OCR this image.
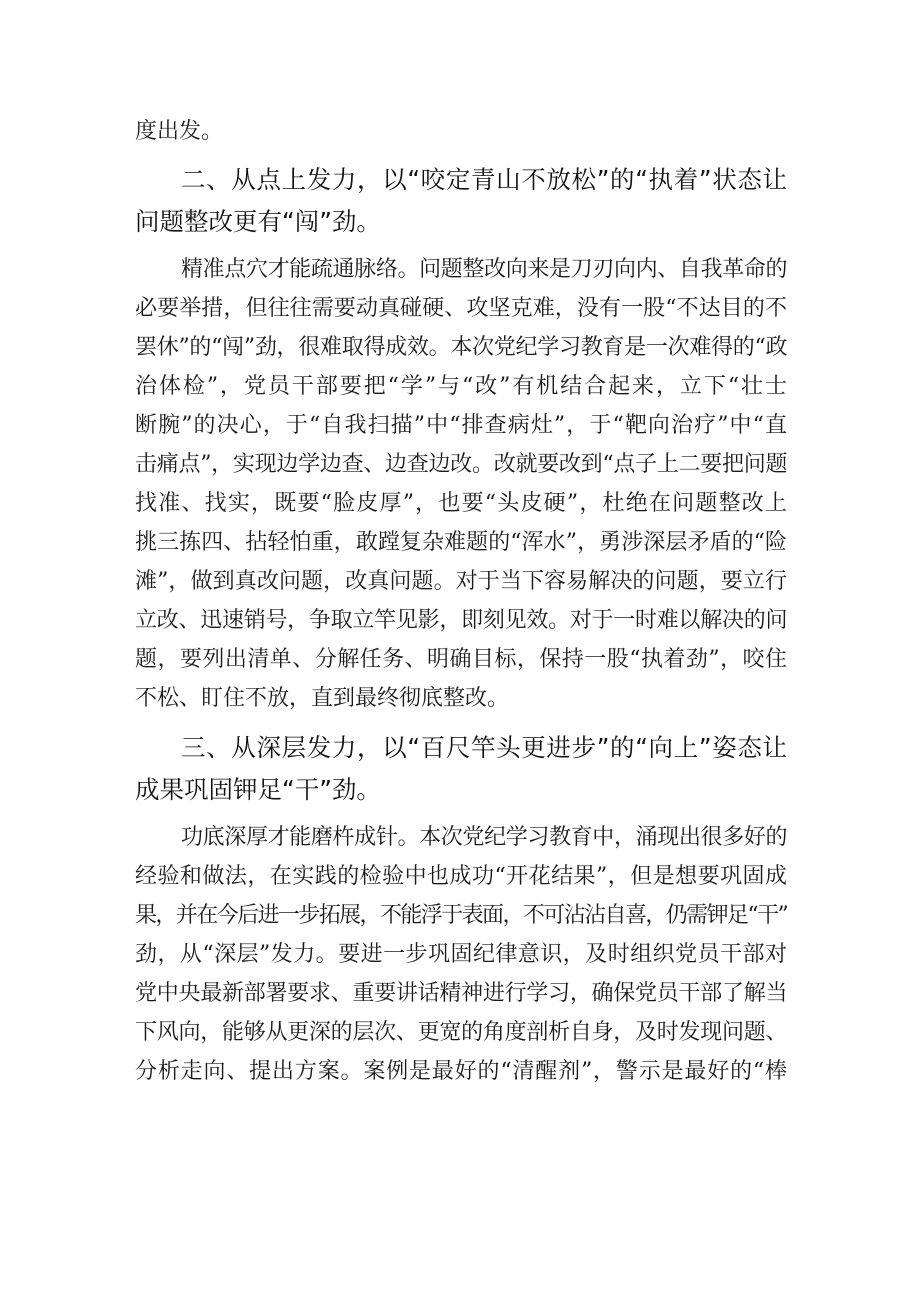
度出发。
二、从点上发力，以“咬定青山不放松”的“执着”状态让
问题整改更有“闯”劲。
精准点穴才能疏通脉络。问题整改向来是刀刃向内、自我革命的
必要举措，但往往需要动真碰硬、攻坚克难，没有一股“不达目的不
罢休”的“闯”劲，很难取得成效。本次党纪学习教育是一次难得的“政
治体检”，党员干部要把“学”与“改”有机结合起来，立下“壮士
断腕”的决心，于“自我扫描”中“排查病灶”，于“靶向治疗”中“直
击痛点”，实现边学边查、边查边改。改就要改到“点子上二要把问题
找准、找实，既要“脸皮厚”，也要“头皮硬”，杜绝在问题整改上
挑三拣四、拈轻怕重，敢蹚复杂难题的“浑水”，勇涉深层矛盾的“险
滩”，做到真改问题，改真问题。对于当下容易解决的问题，要立行
立改、迅速销号，争取立竿见影，即刻见效。对于一时难以解决的问
题，要列出清单、分解任务、明确目标，保持一股“执着劲”，咬住
不松、盯住不放，直到最终彻底整改。
三、从深层发力，以“百尺竿头更进步”的“向上”姿态让
成果巩固钾足“干”劲。
功底深厚才能磨杵成针。本次党纪学习教育中，涌现出很多好的
经验和做法，在实践的检验中也成功“开花结果”，但是想要巩固成
果，并在今后进一步拓展，不能浮于表面，不可沾沾自喜，仍需钾足“干”
劲，从“深层”发力。要进一步巩固纪律意识，及时组织党员干部对
党中央最新部署要求、重要讲话精神进行学习，确保党员干部了解当
下风向，能够从更深的层次、更宽的角度剖析自身，及时发现问题、
分析走向、提出方案。案例是最好的“清醒剂”，警示是最好的“棒
